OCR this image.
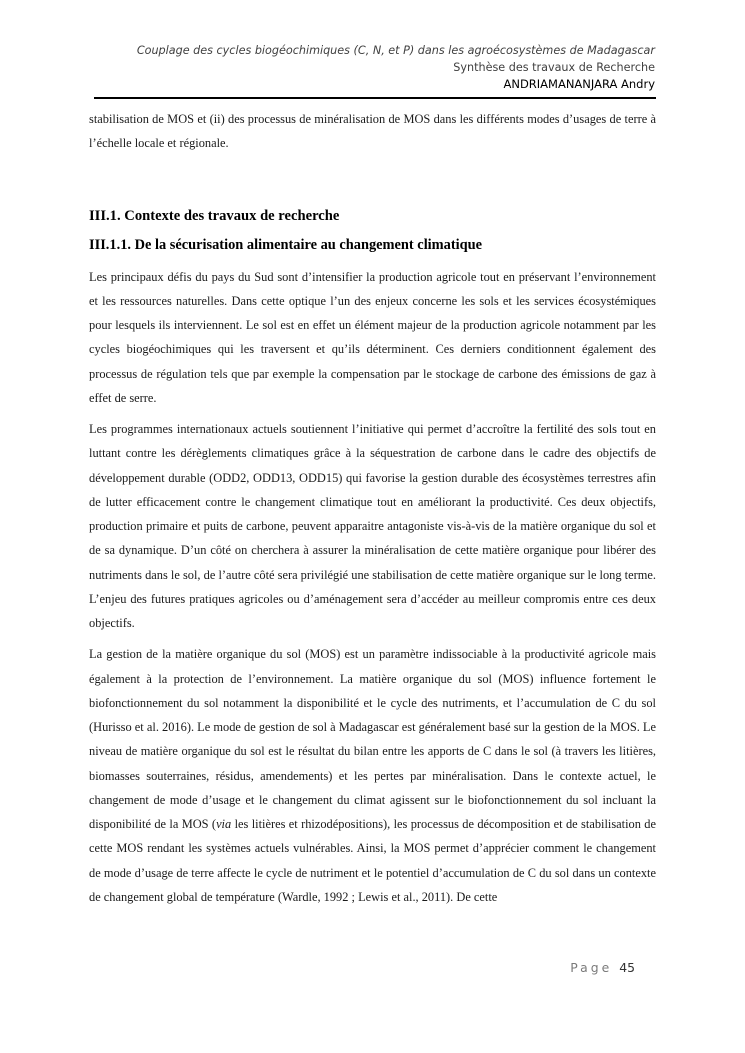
Couplage des cycles biogéochimiques (C, N, et P) dans les agroécosystèmes de Madagascar
Synthèse des travaux de Recherche
ANDRIAMANANJARA Andry

stabilisation de MOS et (ii) des processus de minéralisation de MOS dans les différents modes d’usages de terre à l’échelle locale et régionale.

III.1. Contexte des travaux de recherche
III.1.1. De la sécurisation alimentaire au changement climatique

Les principaux défis du pays du Sud sont d’intensifier la production agricole tout en préservant l’environnement et les ressources naturelles. Dans cette optique l’un des enjeux concerne les sols et les services écosystémiques pour lesquels ils interviennent. Le sol est en effet un élément majeur de la production agricole notamment par les cycles biogéochimiques qui les traversent et qu’ils déterminent. Ces derniers conditionnent également des processus de régulation tels que par exemple la compensation par le stockage de carbone des émissions de gaz à effet de serre.

Les programmes internationaux actuels soutiennent l’initiative qui permet d’accroître la fertilité des sols tout en luttant contre les dérèglements climatiques grâce à la séquestration de carbone dans le cadre des objectifs de développement durable (ODD2, ODD13, ODD15) qui favorise la gestion durable des écosystèmes terrestres afin de lutter efficacement contre le changement climatique tout en améliorant la productivité. Ces deux objectifs, production primaire et puits de carbone, peuvent apparaitre antagoniste vis-à-vis de la matière organique du sol et de sa dynamique. D’un côté on cherchera à assurer la minéralisation de cette matière organique pour libérer des nutriments dans le sol, de l’autre côté sera privilégié une stabilisation de cette matière organique sur le long terme. L’enjeu des futures pratiques agricoles ou d’aménagement sera d’accéder au meilleur compromis entre ces deux objectifs.

La gestion de la matière organique du sol (MOS) est un paramètre indissociable à la productivité agricole mais également à la protection de l’environnement. La matière organique du sol (MOS) influence fortement le biofonctionnement du sol notamment la disponibilité et le cycle des nutriments, et l’accumulation de C du sol (Hurisso et al. 2016). Le mode de gestion de sol à Madagascar est généralement basé sur la gestion de la MOS. Le niveau de matière organique du sol est le résultat du bilan entre les apports de C dans le sol (à travers les litières, biomasses souterraines, résidus, amendements) et les pertes par minéralisation. Dans le contexte actuel, le changement de mode d’usage et le changement du climat agissent sur le biofonctionnement du sol incluant la disponibilité de la MOS (via les litières et rhizodépositions), les processus de décomposition et de stabilisation de cette MOS rendant les systèmes actuels vulnérables. Ainsi, la MOS permet d’apprécier comment le changement de mode d’usage de terre affecte le cycle de nutriment et le potentiel d’accumulation de C du sol dans un contexte de changement global de température (Wardle, 1992 ; Lewis et al., 2011). De cette

Page 45
